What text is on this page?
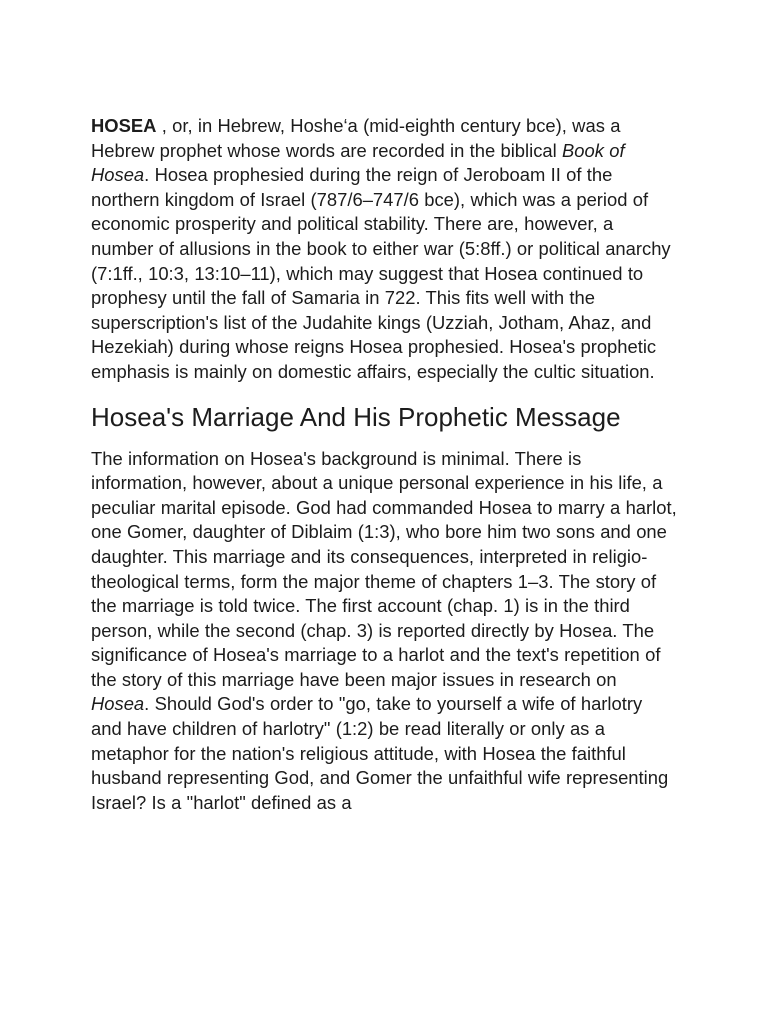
HOSEA , or, in Hebrew, Hoshe‘a (mid-eighth century bce), was a Hebrew prophet whose words are recorded in the biblical Book of Hosea. Hosea prophesied during the reign of Jeroboam II of the northern kingdom of Israel (787/6–747/6 bce), which was a period of economic prosperity and political stability. There are, however, a number of allusions in the book to either war (5:8ff.) or political anarchy (7:1ff., 10:3, 13:10–11), which may suggest that Hosea continued to prophesy until the fall of Samaria in 722. This fits well with the superscription's list of the Judahite kings (Uzziah, Jotham, Ahaz, and Hezekiah) during whose reigns Hosea prophesied. Hosea's prophetic emphasis is mainly on domestic affairs, especially the cultic situation.

Hosea's Marriage And His Prophetic Message

The information on Hosea's background is minimal. There is information, however, about a unique personal experience in his life, a peculiar marital episode. God had commanded Hosea to marry a harlot, one Gomer, daughter of Diblaim (1:3), who bore him two sons and one daughter. This marriage and its consequences, interpreted in religio-theological terms, form the major theme of chapters 1–3. The story of the marriage is told twice. The first account (chap. 1) is in the third person, while the second (chap. 3) is reported directly by Hosea. The significance of Hosea's marriage to a harlot and the text's repetition of the story of this marriage have been major issues in research on Hosea. Should God's order to "go, take to yourself a wife of harlotry and have children of harlotry" (1:2) be read literally or only as a metaphor for the nation's religious attitude, with Hosea the faithful husband representing God, and Gomer the unfaithful wife representing Israel? Is a "harlot" defined as a
